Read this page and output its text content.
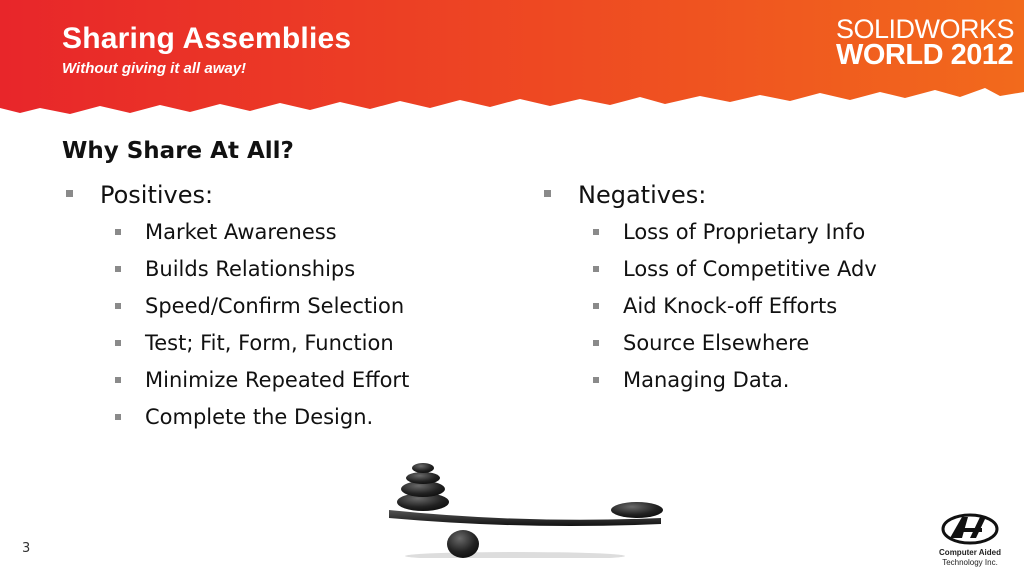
Sharing Assemblies

Without giving it all away!

SOLIDWORKS
WORLD 2012
Why Share At All?
Positives:
Market Awareness
Builds Relationships
Speed/Confirm Selection
Test; Fit, Form, Function
Minimize Repeated Effort
Complete the Design.
Negatives:
Loss of Proprietary Info
Loss of Competitive Adv
Aid Knock-off Efforts
Source Elsewhere
Managing Data.
3	Computer Aided
Technology Inc.
